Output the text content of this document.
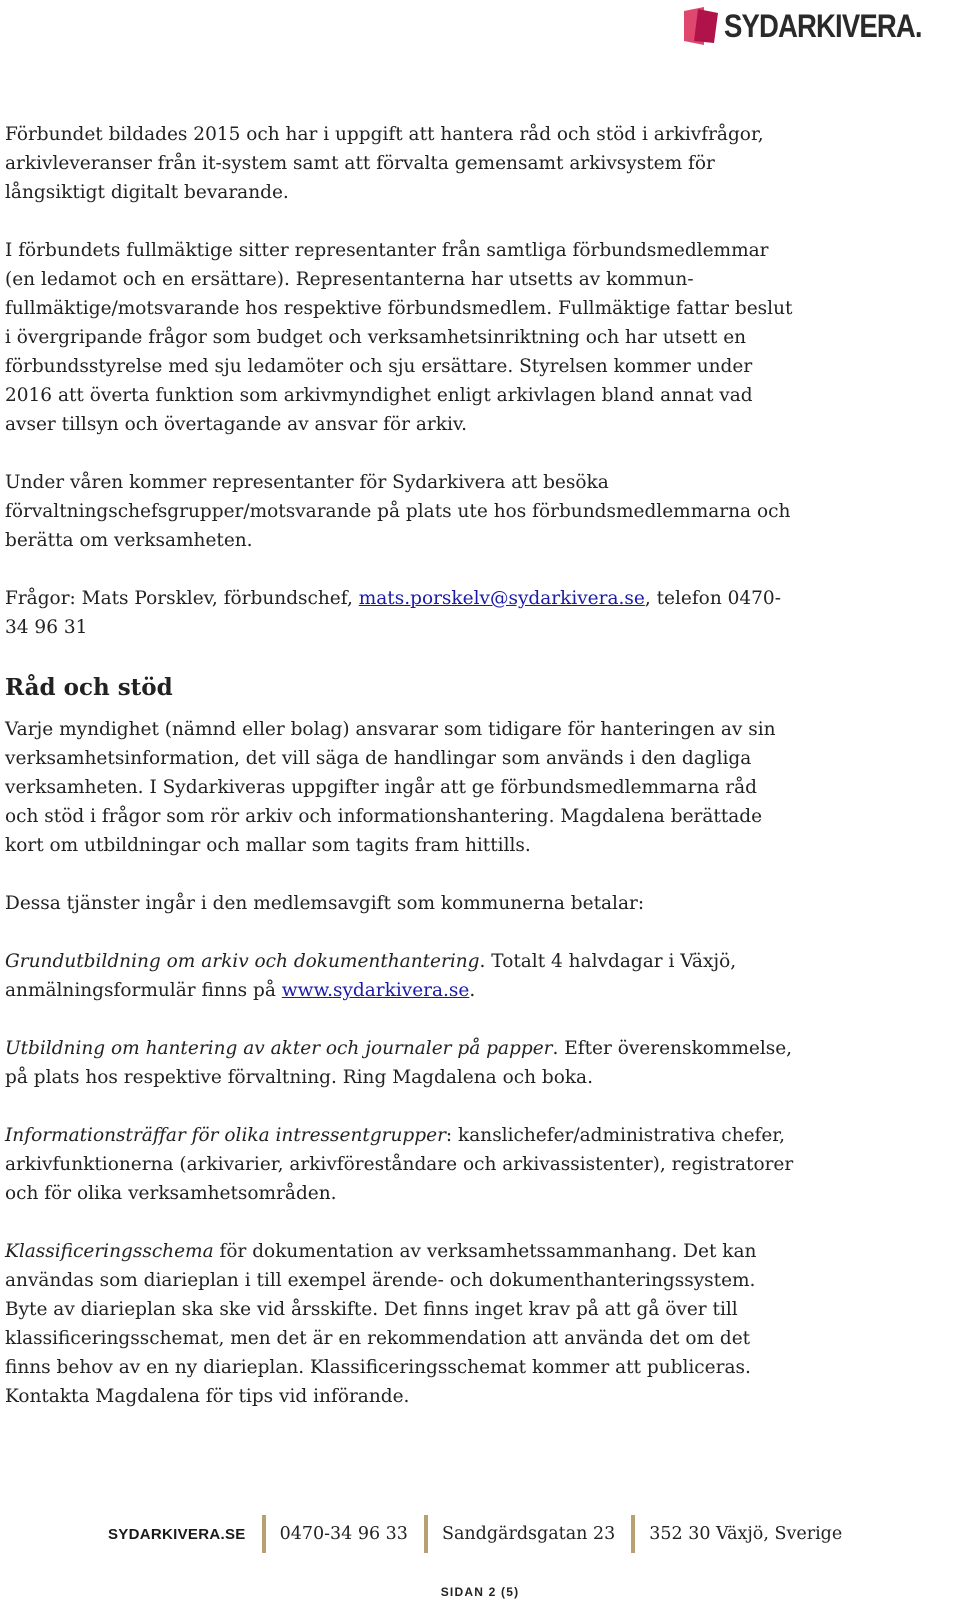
SYDARKIVERA.

Förbundet bildades 2015 och har i uppgift att hantera råd och stöd i arkivfrågor, arkivleveranser från it-system samt att förvalta gemensamt arkivsystem för långsiktigt digitalt bevarande.

I förbundets fullmäktige sitter representanter från samtliga förbundsmedlemmar (en ledamot och en ersättare). Representanterna har utsetts av kommun-fullmäktige/motsvarande hos respektive förbundsmedlem. Fullmäktige fattar beslut i övergripande frågor som budget och verksamhetsinriktning och har utsett en förbundsstyrelse med sju ledamöter och sju ersättare. Styrelsen kommer under 2016 att överta funktion som arkivmyndighet enligt arkivlagen bland annat vad avser tillsyn och övertagande av ansvar för arkiv.

Under våren kommer representanter för Sydarkivera att besöka förvaltningschefsgrupper/motsvarande på plats ute hos förbundsmedlemmarna och berätta om verksamheten.

Frågor: Mats Porsklev, förbundschef, mats.porskelv@sydarkivera.se, telefon 0470-34 96 31

Råd och stöd

Varje myndighet (nämnd eller bolag) ansvarar som tidigare för hanteringen av sin verksamhetsinformation, det vill säga de handlingar som används i den dagliga verksamheten. I Sydarkiveras uppgifter ingår att ge förbundsmedlemmarna råd och stöd i frågor som rör arkiv och informationshantering. Magdalena berättade kort om utbildningar och mallar som tagits fram hittills.

Dessa tjänster ingår i den medlemsavgift som kommunerna betalar:

Grundutbildning om arkiv och dokumenthantering. Totalt 4 halvdagar i Växjö, anmälningsformulär finns på www.sydarkivera.se.

Utbildning om hantering av akter och journaler på papper. Efter överenskommelse, på plats hos respektive förvaltning. Ring Magdalena och boka.

Informationsträffar för olika intressentgrupper: kanslichefer/administrativa chefer, arkivfunktionerna (arkivarier, arkivföreståndare och arkivassistenter), registratorer och för olika verksamhetsområden.

Klassificeringsschema för dokumentation av verksamhetssammanhang. Det kan användas som diarieplan i till exempel ärende- och dokumenthanteringssystem. Byte av diarieplan ska ske vid årsskifte. Det finns inget krav på att gå över till klassificeringsschemat, men det är en rekommendation att använda det om det finns behov av en ny diarieplan. Klassificeringsschemat kommer att publiceras. Kontakta Magdalena för tips vid införande.

SYDARKIVERA.SE 0470-34 96 33 Sandgärdsgatan 23 352 30 Växjö, Sverige
SIDAN 2 (5)
